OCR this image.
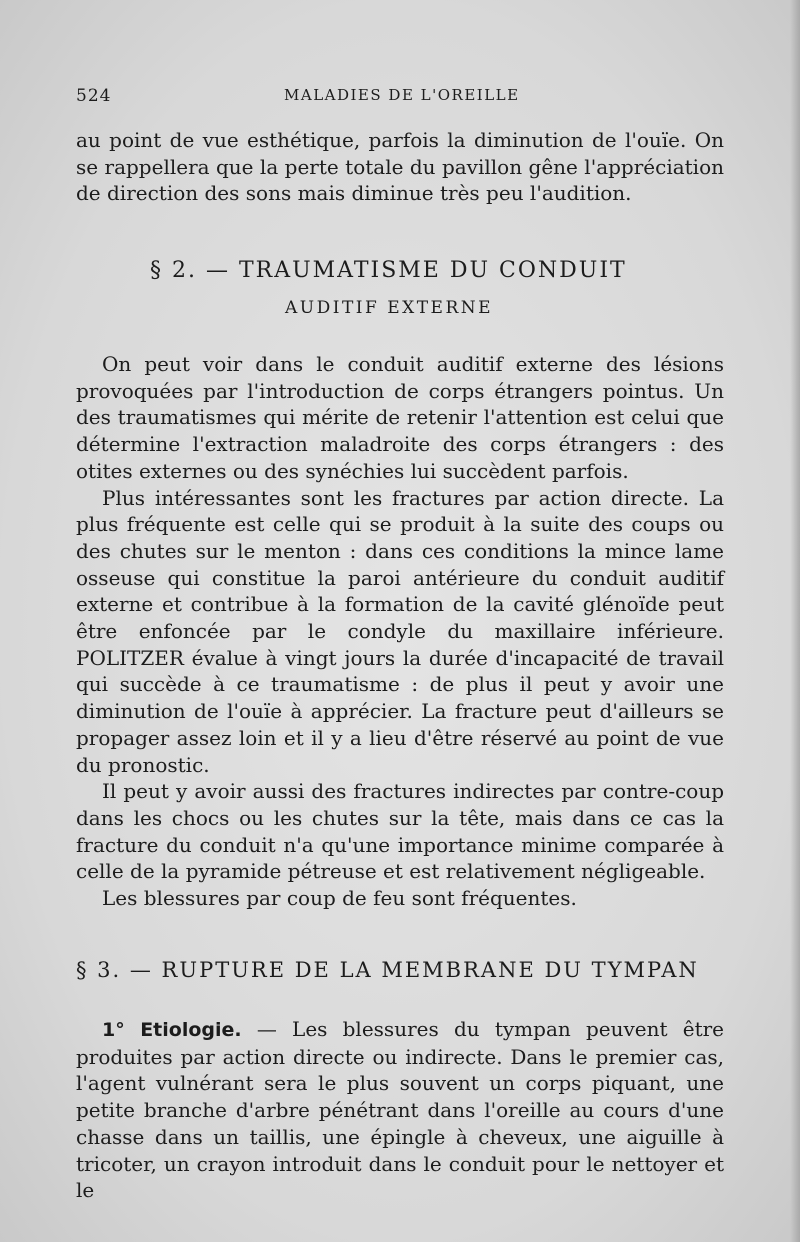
524	MALADIES DE L'OREILLE

au point de vue esthétique, parfois la diminution de l'ouïe. On se rappellera que la perte totale du pavillon gêne l'appréciation de direction des sons mais diminue très peu l'audition.

§ 2. — TRAUMATISME DU CONDUIT
AUDITIF EXTERNE

On peut voir dans le conduit auditif externe des lésions provoquées par l'introduction de corps étrangers pointus. Un des traumatismes qui mérite de retenir l'attention est celui que détermine l'extraction maladroite des corps étrangers : des otites externes ou des synéchies lui succèdent parfois.

Plus intéressantes sont les fractures par action directe. La plus fréquente est celle qui se produit à la suite des coups ou des chutes sur le menton : dans ces conditions la mince lame osseuse qui constitue la paroi antérieure du conduit auditif externe et contribue à la formation de la cavité glénoïde peut être enfoncée par le condyle du maxillaire inférieure. POLITZER évalue à vingt jours la durée d'incapacité de travail qui succède à ce traumatisme : de plus il peut y avoir une diminution de l'ouïe à apprécier. La fracture peut d'ailleurs se propager assez loin et il y a lieu d'être réservé au point de vue du pronostic.

Il peut y avoir aussi des fractures indirectes par contre-coup dans les chocs ou les chutes sur la tête, mais dans ce cas la fracture du conduit n'a qu'une importance minime comparée à celle de la pyramide pétreuse et est relativement négligeable.

Les blessures par coup de feu sont fréquentes.

§ 3. — RUPTURE DE LA MEMBRANE DU TYMPAN

1° Etiologie. — Les blessures du tympan peuvent être produites par action directe ou indirecte. Dans le premier cas, l'agent vulnérant sera le plus souvent un corps piquant, une petite branche d'arbre pénétrant dans l'oreille au cours d'une chasse dans un taillis, une épingle à cheveux, une aiguille à tricoter, un crayon introduit dans le conduit pour le nettoyer et le
